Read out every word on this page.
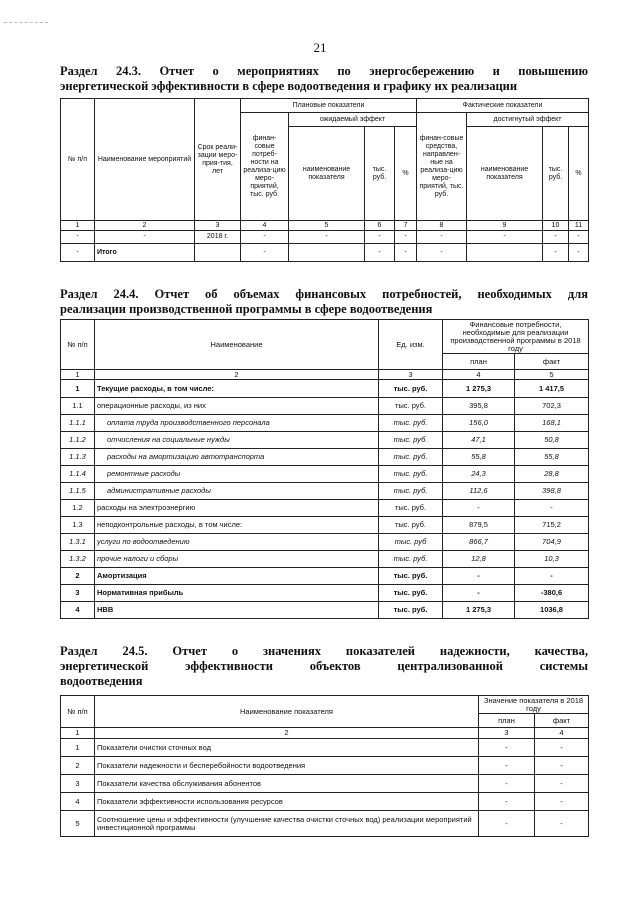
21
Раздел 24.3. Отчет о мероприятиях по энергосбережению и повышению
энергетической эффективности в сфере водоотведения и графику их реализации
№ п/п	Наименование мероприятий	Срок реали-зации меро-прия-тия, лет	Плановые показатели				Фактические показатели			
			финан-совые потреб-ности на реализа-цию меро-приятий, тыс. руб.	ожидаемый эффект			финан-совые средства, направлен-ные на реализа-цию меро-приятий, тыс. руб.	достигнутый эффект		
				наименование показателя	тыс. руб.	%		наименование показателя	тыс. руб.	%
1	2	3	4	5	6	7	8	9	10	11
-	-	2018 г.	-	-	-	-	-	-	-	-
-	Итого		-		-	-	-		-	-
Раздел 24.4. Отчет об объемах финансовых потребностей, необходимых для
реализации производственной программы в сфере водоотведения
№ п/п	Наименование	Ед. изм.	Финансовые потребности, необходимые для реализации производственной программы в 2018 году	
			план	факт
1	2	3	4	5
1	Текущие расходы, в том числе:	тыс. руб.	1 275,3	1 417,5
1.1	операционные расходы, из них	тыс. руб.	395,8	702,3
1.1.1	оплата труда производственного персонала	тыс. руб.	156,0	168,1
1.1.2	отчисления на социальные нужды	тыс. руб.	47,1	50,8
1.1.3	расходы на амортизацию автотранспорта	тыс. руб.	55,8	55,8
1.1.4	ремонтные расходы	тыс. руб.	24,3	28,8
1.1.5	административные расходы	тыс. руб.	112,6	398,8
1.2	расходы на электроэнергию	тыс. руб.	-	-
1.3	неподконтрольные расходы, в том числе:	тыс. руб.	879,5	715,2
1.3.1	услуги по водоотведению	тыс. руб	866,7	704,9
1.3.2	прочие налоги и сборы	тыс. руб.	12,8	10,3
2	Амортизация	тыс. руб.	-	-
3	Нормативная прибыль	тыс. руб.	-	-380,6
4	НВВ	тыс. руб.	1 275,3	1036,8
Раздел 24.5. Отчет о значениях показателей надежности, качества,
энергетической эффективности объектов централизованной системы
водоотведения
№ п/п	Наименование показателя	Значение показателя в 2018 году	
		план	факт
1	2	3	4
1	Показатели очистки сточных вод	-	-
2	Показатели надежности и бесперебойности водоотведения	-	-
3	Показатели качества обслуживания абонентов	-	-
4	Показатели эффективности использования ресурсов	-	-
5	Соотношение цены и эффективности (улучшение качества очистки сточных вод) реализации мероприятий инвестиционной программы	-	-
